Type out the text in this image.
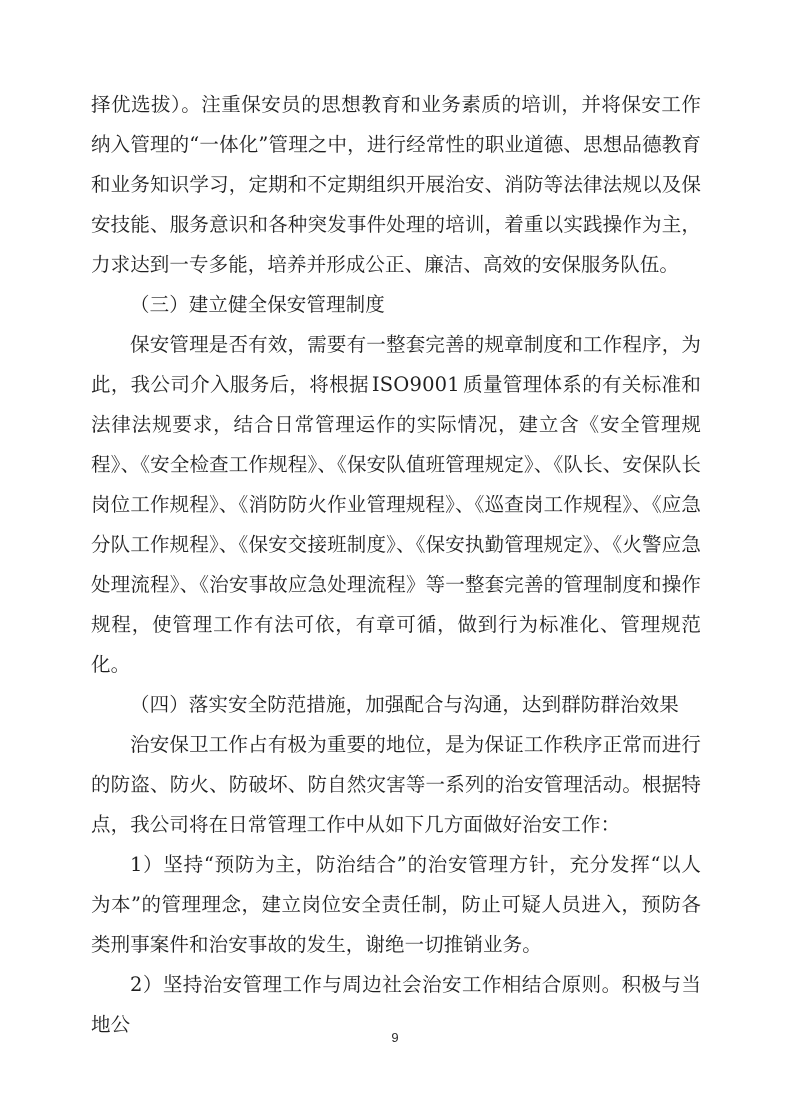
择优选拔）。注重保安员的思想教育和业务素质的培训，并将保安工作纳入管理的“一体化”管理之中，进行经常性的职业道德、思想品德教育和业务知识学习，定期和不定期组织开展治安、消防等法律法规以及保安技能、服务意识和各种突发事件处理的培训，着重以实践操作为主，力求达到一专多能，培养并形成公正、廉洁、高效的安保服务队伍。

（三）建立健全保安管理制度

保安管理是否有效，需要有一整套完善的规章制度和工作程序，为此，我公司介入服务后，将根据 ISO9001 质量管理体系的有关标准和法律法规要求，结合日常管理运作的实际情况，建立含《安全管理规程》、《安全检查工作规程》、《保安队值班管理规定》、《队长、安保队长岗位工作规程》、《消防防火作业管理规程》、《巡查岗工作规程》、《应急分队工作规程》、《保安交接班制度》、《保安执勤管理规定》、《火警应急处理流程》、《治安事故应急处理流程》等一整套完善的管理制度和操作规程，使管理工作有法可依，有章可循，做到行为标准化、管理规范化。

（四）落实安全防范措施，加强配合与沟通，达到群防群治效果

治安保卫工作占有极为重要的地位，是为保证工作秩序正常而进行的防盗、防火、防破坏、防自然灾害等一系列的治安管理活动。根据特点，我公司将在日常管理工作中从如下几方面做好治安工作：

1）坚持“预防为主，防治结合”的治安管理方针，充分发挥“以人为本”的管理理念，建立岗位安全责任制，防止可疑人员进入，预防各类刑事案件和治安事故的发生，谢绝一切推销业务。

2）坚持治安管理工作与周边社会治安工作相结合原则。积极与当地公

9
